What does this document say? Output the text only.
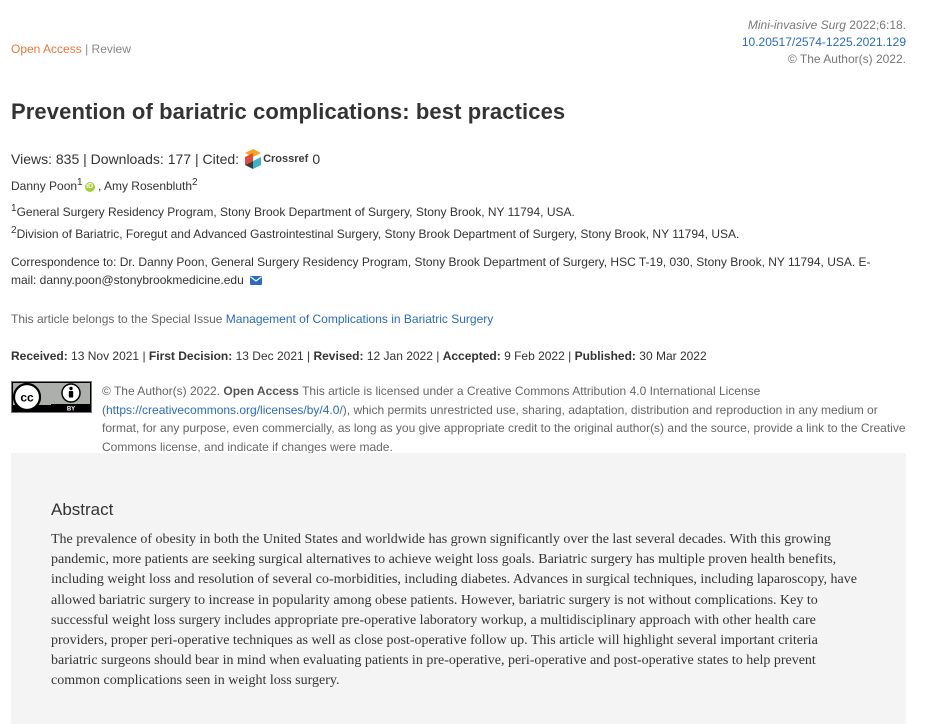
Open Access | Review
Mini-invasive Surg 2022;6:18.
10.20517/2574-1225.2021.129
© The Author(s) 2022.
Prevention of bariatric complications: best practices
Views:
835
|
Downloads:
177
|
Cited: Crossref 0
Danny Poon$^1$ iD , Amy Rosenbluth$^2$
$^1$General Surgery Residency Program, Stony Brook Department of Surgery, Stony Brook, NY 11794, USA.
$^2$Division of Bariatric, Foregut and Advanced Gastrointestinal Surgery, Stony Brook Department of Surgery, Stony Brook, NY 11794, USA.
Correspondence to: Dr. Danny Poon, General Surgery Residency Program, Stony Brook Department of Surgery, HSC T-19, 030, Stony Brook, NY 11794, USA. E-mail: danny.poon@stonybrookmedicine.edu
This article belongs to the Special Issue Management of Complications in Bariatric Surgery
Received: 13 Nov 2021 | First Decision: 13 Dec 2021 | Revised: 12 Jan 2022 | Accepted: 9 Feb 2022 | Published: 30 Mar 2022
cc
BY
© The Author(s) 2022. Open Access This article is licensed under a Creative Commons Attribution 4.0 International License (https://creativecommons.org/licenses/by/4.0/), which permits unrestricted use, sharing, adaptation, distribution and reproduction in any medium or format, for any purpose, even commercially, as long as you give appropriate credit to the original author(s) and the source, provide a link to the Creative Commons license, and indicate if changes were made.
Abstract

The prevalence of obesity in both the United States and worldwide has grown significantly over the last several decades. With this growing pandemic, more patients are seeking surgical alternatives to achieve weight loss goals. Bariatric surgery has multiple proven health benefits, including weight loss and resolution of several co-morbidities, including diabetes. Advances in surgical techniques, including laparoscopy, have allowed bariatric surgery to increase in popularity among obese patients. However, bariatric surgery is not without complications. Key to successful weight loss surgery includes appropriate pre-operative laboratory workup, a multidisciplinary approach with other health care providers, proper peri-operative techniques as well as close post-operative follow up. This article will highlight several important criteria bariatric surgeons should bear in mind when evaluating patients in pre-operative, peri-operative and post-operative states to help prevent common complications seen in weight loss surgery.
